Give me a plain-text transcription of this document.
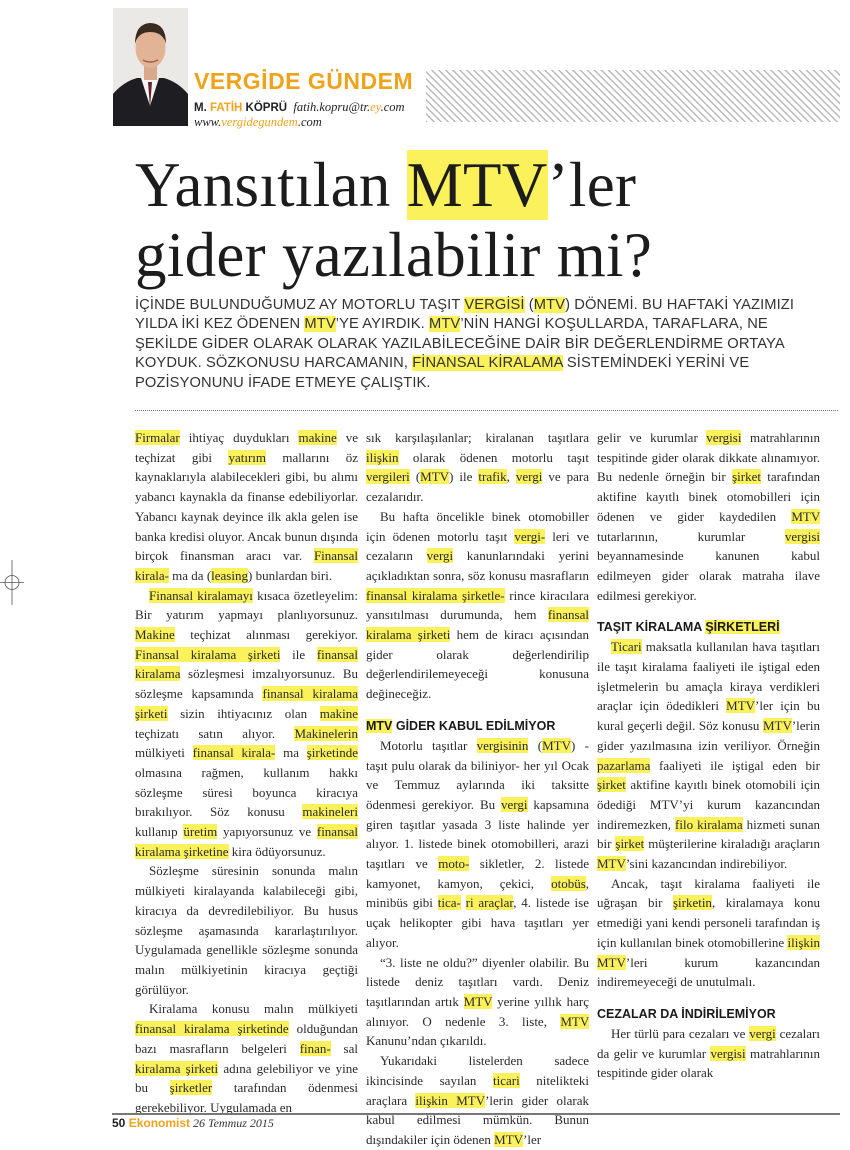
VERGİDE GÜNDEM
M. FATİH KÖPRÜ fatih.kopru@tr.ey.com
www.vergidegundem.com
Yansıtılan MTV’ler
gider yazılabilir mi?
İÇİNDE BULUNDUĞUMUZ AY MOTORLU TAŞIT VERGİSİ (MTV) DÖNEMİ. BU HAFTAKİ YAZIMIZI YILDA İKİ KEZ ÖDENEN MTV’YE AYIRDIK. MTV’NİN HANGİ KOŞULLARDA, TARAFLARA, NE ŞEKİLDE GİDER OLARAK OLARAK YAZILABİLECEĞİNE DAİR BİR DEĞERLENDİRME ORTAYA KOYDUK. SÖZKONUSU HARCAMANIN, FİNANSAL KİRALAMA SİSTEMİNDEKİ YERİNİ VE POZİSYONUNU İFADE ETMEYE ÇALIŞTIK.

Firmalar ihtiyaç duydukları makine ve teçhizat gibi yatırım mallarını öz kaynaklarıyla alabilecekleri gibi, bu alımı yabancı kaynakla da finanse edebiliyorlar. Yabancı kaynak deyince ilk akla gelen ise banka kredisi oluyor. Ancak bunun dışında birçok finansman aracı var. Finansal kirala- ma da (leasing) bunlardan biri.

Finansal kiralamayı kısaca özetleyelim: Bir yatırım yapmayı planlıyorsunuz. Makine teçhizat alınması gerekiyor. Finansal kiralama şirketi ile finansal kiralama sözleşmesi imzalıyorsunuz. Bu sözleşme kapsamında finansal kiralama şirketi sizin ihtiyacınız olan makine teçhizatı satın alıyor. Makinelerin mülkiyeti finansal kirala- ma şirketinde olmasına rağmen, kullanım hakkı sözleşme süresi boyunca kiracıya bırakılıyor. Söz konusu makineleri kullanıp üretim yapıyorsunuz ve finansal kiralama şirketine kira ödüyorsunuz.

Sözleşme süresinin sonunda malın mülkiyeti kiralayanda kalabileceği gibi, kiracıya da devredilebiliyor. Bu husus sözleşme aşamasında kararlaştırılıyor. Uygulamada genellikle sözleşme sonunda malın mülkiyetinin kiracıya geçtiği görülüyor.

Kiralama konusu malın mülkiyeti finansal kiralama şirketinde olduğundan bazı masrafların belgeleri finan- sal kiralama şirketi adına gelebiliyor ve yine bu şirketler tarafından ödenmesi gerekebiliyor. Uygulamada en

sık karşılaşılanlar; kiralanan taşıtlara ilişkin olarak ödenen motorlu taşıt vergileri (MTV) ile trafik, vergi ve para cezalarıdır.

Bu hafta öncelikle binek otomobiller için ödenen motorlu taşıt vergi- leri ve cezaların vergi kanunlarındaki yerini açıkladıktan sonra, söz konusu masrafların finansal kiralama şirketle- rince kiracılara yansıtılması durumunda, hem finansal kiralama şirketi hem de kiracı açısından gider olarak değerlendirilip değerlendirilemeyeceği konusuna değineceğiz.

MTV GİDER KABUL EDİLMİYOR

Motorlu taşıtlar vergisinin (MTV) - taşıt pulu olarak da biliniyor- her yıl Ocak ve Temmuz aylarında iki taksitte ödenmesi gerekiyor. Bu vergi kapsamına giren taşıtlar yasada 3 liste halinde yer alıyor. 1. listede binek otomobilleri, arazi taşıtları ve moto- sikletler, 2. listede kamyonet, kamyon, çekici, otobüs, minibüs gibi tica- ri araçlar, 4. listede ise uçak helikopter gibi hava taşıtları yer alıyor.

“3. liste ne oldu?” diyenler olabilir. Bu listede deniz taşıtları vardı. Deniz taşıtlarından artık MTV yerine yıllık harç alınıyor. O nedenle 3. liste, MTV Kanunu’ndan çıkarıldı.

Yukarıdaki listelerden sadece ikincisinde sayılan ticari nitelikteki araçlara ilişkin MTV’lerin gider olarak kabul edilmesi mümkün. Bunun dışındakiler için ödenen MTV’ler

gelir ve kurumlar vergisi matrahlarının tespitinde gider olarak dikkate alınamıyor. Bu nedenle örneğin bir şirket tarafından aktifine kayıtlı binek otomobilleri için ödenen ve gider kaydedilen MTV tutarlarının, kurumlar vergisi beyannamesinde kanunen kabul edilmeyen gider olarak matraha ilave edilmesi gerekiyor.

TAŞIT KİRALAMA ŞİRKETLERİ

Ticari maksatla kullanılan hava taşıtları ile taşıt kiralama faaliyeti ile iştigal eden işletmelerin bu amaçla kiraya verdikleri araçlar için ödedikleri MTV’ler için bu kural geçerli değil. Söz konusu MTV’lerin gider yazılmasına izin veriliyor. Örneğin pazarlama faaliyeti ile iştigal eden bir şirket aktifine kayıtlı binek otomobili için ödediği MTV’yi kurum kazancından indiremezken, filo kiralama hizmeti sunan bir şirket müşterilerine kiraladığı araçların MTV’sini kazancından indirebiliyor.

Ancak, taşıt kiralama faaliyeti ile uğraşan bir şirketin, kiralamaya konu etmediği yani kendi personeli tarafından iş için kullanılan binek otomobillerine ilişkin MTV’leri kurum kazancından indiremeyeceği de unutulmalı.

CEZALAR DA İNDİRİLEMİYOR

Her türlü para cezaları ve vergi cezaları da gelir ve kurumlar vergisi matrahlarının tespitinde gider olarak

50 Ekonomist 26 Temmuz 2015
